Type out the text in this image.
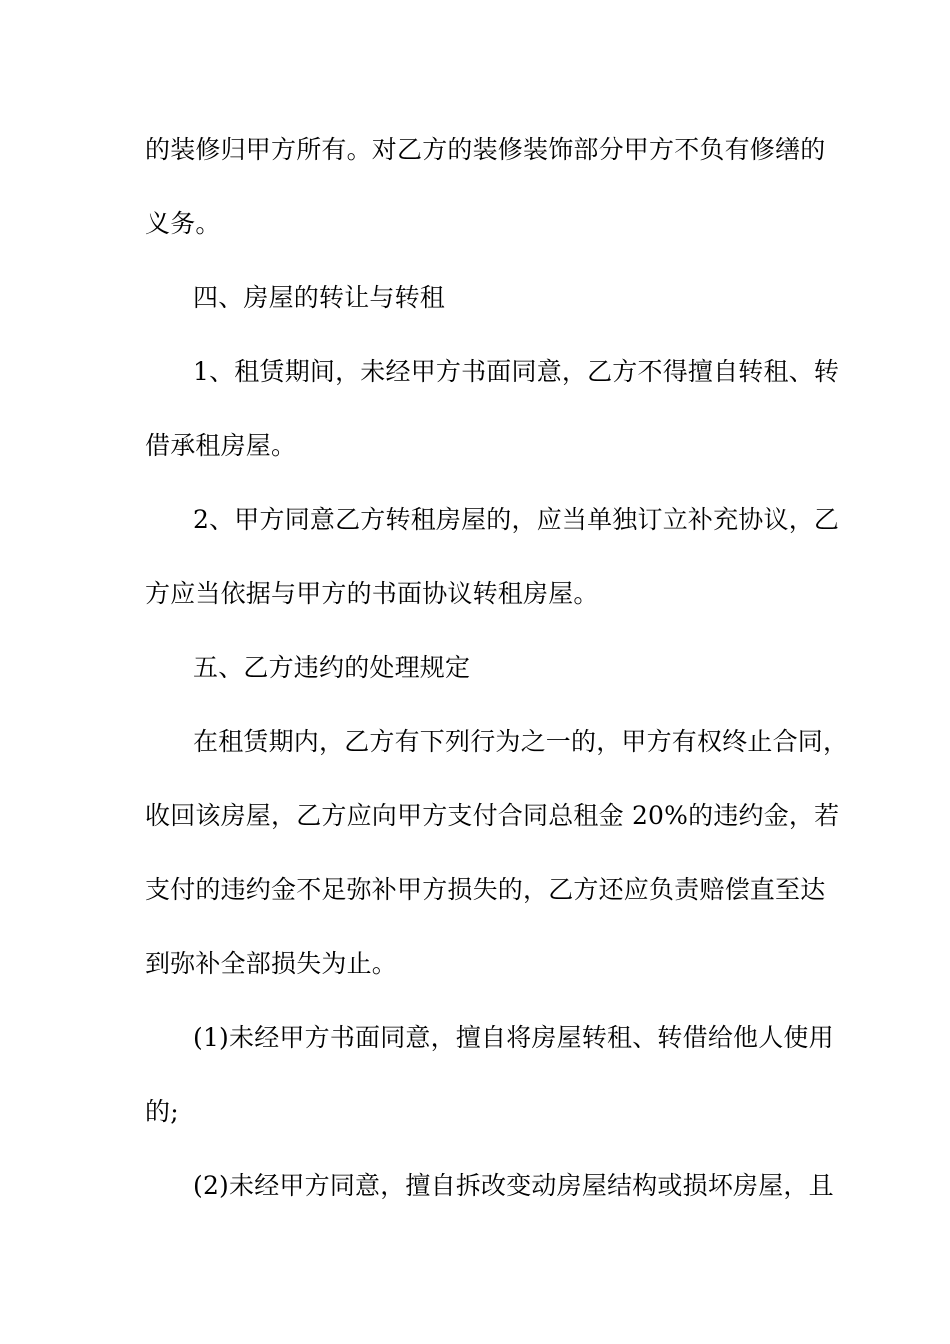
的装修归甲方所有。对乙方的装修装饰部分甲方不负有修缮的
义务。
四、房屋的转让与转租
1、租赁期间，未经甲方书面同意，乙方不得擅自转租、转
借承租房屋。
2、甲方同意乙方转租房屋的，应当单独订立补充协议，乙
方应当依据与甲方的书面协议转租房屋。
五、乙方违约的处理规定
在租赁期内，乙方有下列行为之一的，甲方有权终止合同，
收回该房屋，乙方应向甲方支付合同总租金 20%的违约金，若
支付的违约金不足弥补甲方损失的，乙方还应负责赔偿直至达
到弥补全部损失为止。
(1)未经甲方书面同意，擅自将房屋转租、转借给他人使用
的;
(2)未经甲方同意，擅自拆改变动房屋结构或损坏房屋，且
